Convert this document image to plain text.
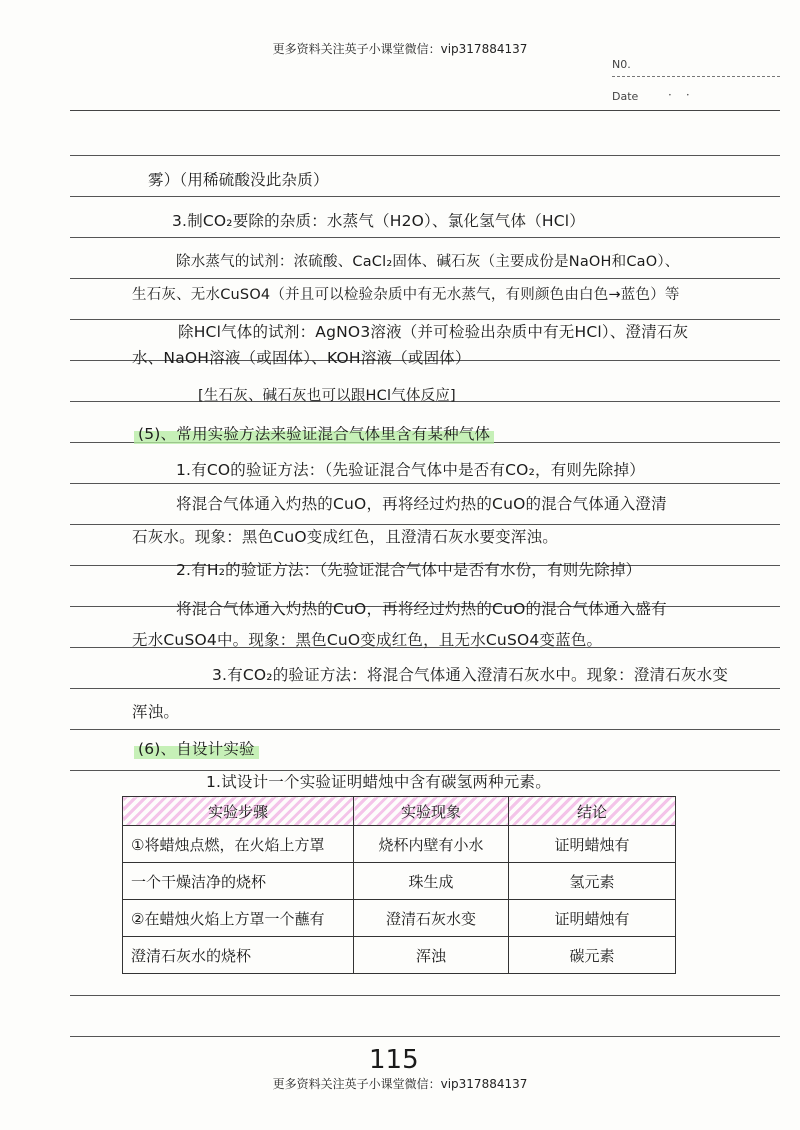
更多资料关注英子小课堂微信：vip317884137
N0.
Date ··
雾）（用稀硫酸没此杂质）
3.制CO₂要除的杂质：水蒸气（H2O）、氯化氢气体（HCl）
除水蒸气的试剂：浓硫酸、CaCl₂固体、碱石灰（主要成份是NaOH和CaO）、
生石灰、无水CuSO4（并且可以检验杂质中有无水蒸气，有则颜色由白色→蓝色）等
除HCl气体的试剂：AgNO3溶液（并可检验出杂质中有无HCl）、澄清石灰
水、NaOH溶液（或固体）、KOH溶液（或固体）
[生石灰、碱石灰也可以跟HCl气体反应]
(5)、常用实验方法来验证混合气体里含有某种气体
1.有CO的验证方法：（先验证混合气体中是否有CO₂，有则先除掉）
将混合气体通入灼热的CuO，再将经过灼热的CuO的混合气体通入澄清
石灰水。现象：黑色CuO变成红色，且澄清石灰水要变浑浊。
2.有H₂的验证方法：（先验证混合气体中是否有水份，有则先除掉）
将混合气体通入灼热的CuO，再将经过灼热的CuO的混合气体通入盛有
无水CuSO4中。现象：黑色CuO变成红色，且无水CuSO4变蓝色。
3.有CO₂的验证方法：将混合气体通入澄清石灰水中。现象：澄清石灰水变
浑浊。
(6)、自设计实验
1.试设计一个实验证明蜡烛中含有碳氢两种元素。
实验步骤	实验现象	结论
①将蜡烛点燃，在火焰上方罩	烧杯内壁有小水	证明蜡烛有
一个干燥洁净的烧杯	珠生成	氢元素
②在蜡烛火焰上方罩一个蘸有	澄清石灰水变	证明蜡烛有
澄清石灰水的烧杯	浑浊	碳元素
115
更多资料关注英子小课堂微信：vip317884137
